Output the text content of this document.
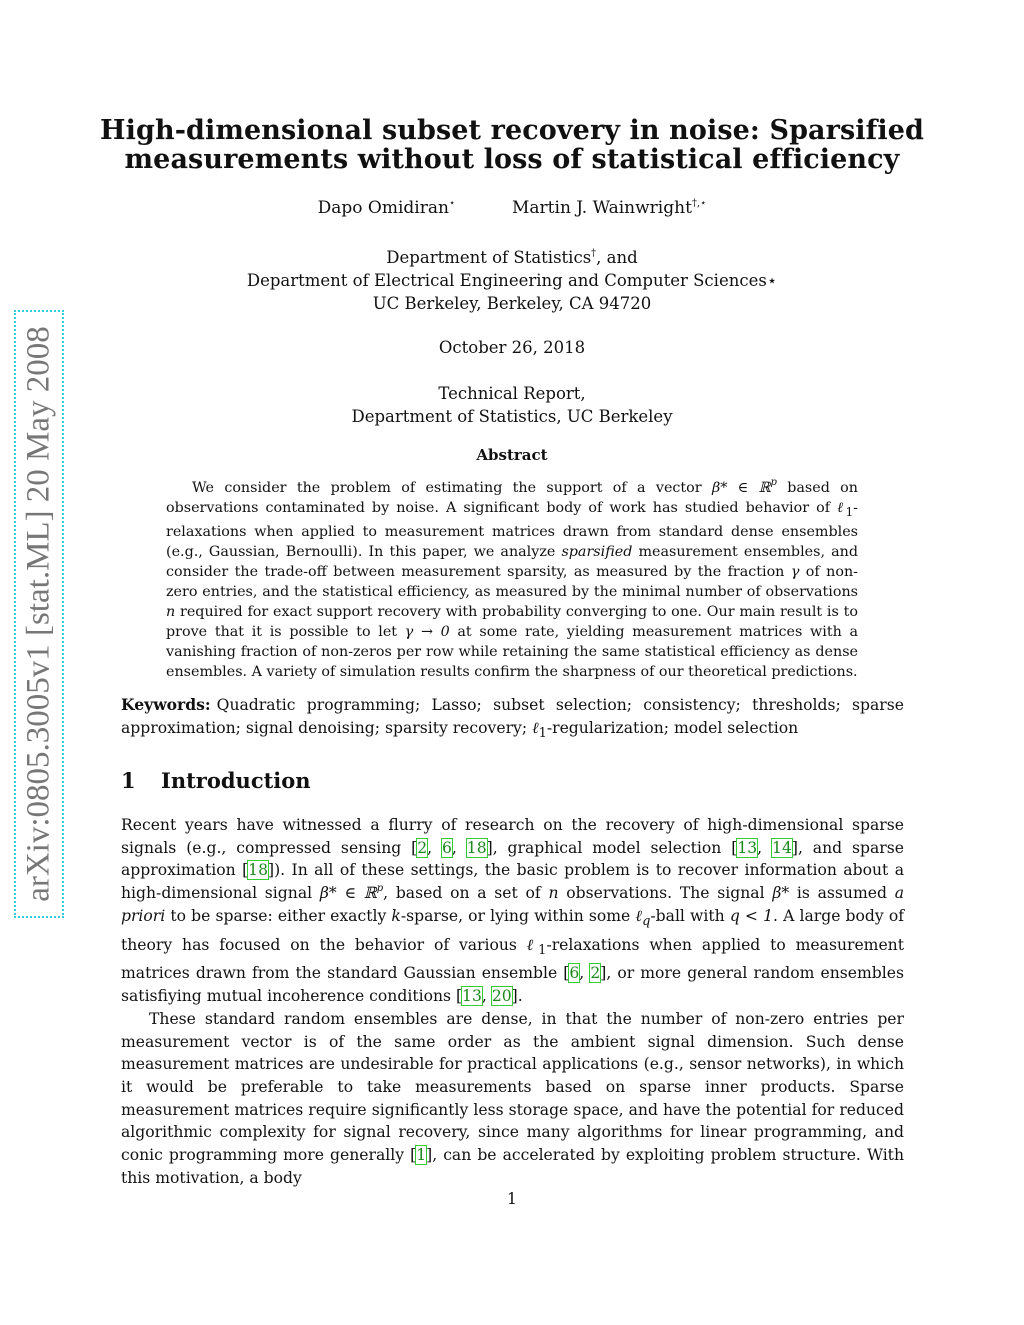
arXiv:0805.3005v1 [stat.ML] 20 May 2008
High-dimensional subset recovery in noise: Sparsified
measurements without loss of statistical efficiency
Dapo Omidiran⋆	Martin J. Wainwright†,⋆
Department of Statistics†, and
Department of Electrical Engineering and Computer Sciences⋆
UC Berkeley, Berkeley, CA 94720
October 26, 2018
Technical Report,
Department of Statistics, UC Berkeley
Abstract

We consider the problem of estimating the support of a vector β* ∈ ℝ$^p$ based on observations contaminated by noise. A significant body of work has studied behavior of ℓ$_1$-relaxations when applied to measurement matrices drawn from standard dense ensembles (e.g., Gaussian, Bernoulli). In this paper, we analyze sparsified measurement ensembles, and consider the trade-off between measurement sparsity, as measured by the fraction γ of non-zero entries, and the statistical efficiency, as measured by the minimal number of observations n required for exact support recovery with probability converging to one. Our main result is to prove that it is possible to let γ → 0 at some rate, yielding measurement matrices with a vanishing fraction of non-zeros per row while retaining the same statistical efficiency as dense ensembles. A variety of simulation results confirm the sharpness of our theoretical predictions.

Keywords: Quadratic programming; Lasso; subset selection; consistency; thresholds; sparse approximation; signal denoising; sparsity recovery; ℓ$_1$-regularization; model selection
1 Introduction

Recent years have witnessed a flurry of research on the recovery of high-dimensional sparse signals (e.g., compressed sensing [2, 6, 18], graphical model selection [13, 14], and sparse approximation [18]). In all of these settings, the basic problem is to recover information about a high-dimensional signal β* ∈ ℝ$^p$, based on a set of n observations. The signal β* is assumed a priori to be sparse: either exactly k-sparse, or lying within some ℓ$_q$-ball with q < 1. A large body of theory has focused on the behavior of various ℓ$_1$-relaxations when applied to measurement matrices drawn from the standard Gaussian ensemble [6, 2], or more general random ensembles satisfiying mutual incoherence conditions [13, 20].

These standard random ensembles are dense, in that the number of non-zero entries per measurement vector is of the same order as the ambient signal dimension. Such dense measurement matrices are undesirable for practical applications (e.g., sensor networks), in which it would be preferable to take measurements based on sparse inner products. Sparse measurement matrices require significantly less storage space, and have the potential for reduced algorithmic complexity for signal recovery, since many algorithms for linear programming, and conic programming more generally [1], can be accelerated by exploiting problem structure. With this motivation, a body

1
